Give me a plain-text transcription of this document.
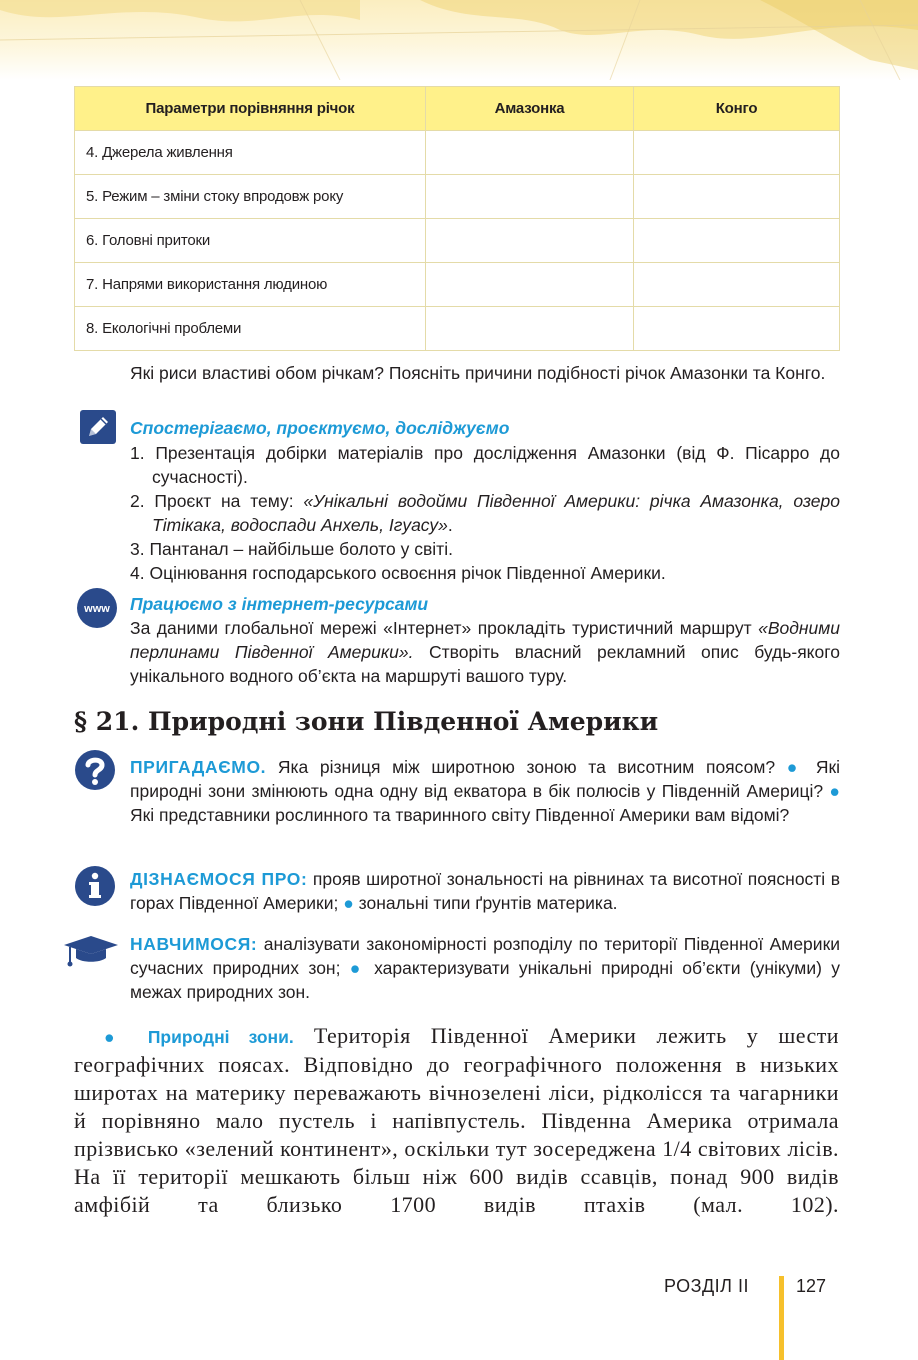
Параметри порівняння річок	Амазонка	Конго
4. Джерела живлення		
5. Режим – зміни стоку впродовж року		
6. Головні притоки		
7. Напрями використання людиною		
8. Екологічні проблеми		
Які риси властиві обом річкам? Поясніть причини подібності річок Амазонки та Конго.
Спостерігаємо, проєктуємо, досліджуємо
1. Презентація добірки матеріалів про дослідження Амазонки (від Ф. Пісарро до сучасності).
2. Проєкт на тему: «Унікальні водойми Південної Америки: річка Амазонка, озеро Тітікака, водоспади Анхель, Ігуасу».
3. Пантанал – найбільше болото у світі.
4. Оцінювання господарського освоєння річок Південної Америки.
www Працюємо з інтернет-ресурсами
За даними глобальної мережі «Інтернет» прокладіть туристичний маршрут «Водними перлинами Південної Америки». Створіть власний рекламний опис будь-якого унікального водного об’єкта на маршруті вашого туру.
§ 21. Природні зони Південної Америки
ПРИГАДАЄМО. Яка різниця між широтною зоною та висотним поясом? ● Які природні зони змінюють одна одну від екватора в бік полюсів у Південній Америці? ● Які представники рослинного та тваринного світу Південної Америки вам відомі?
ДІЗНАЄМОСЯ ПРО: прояв широтної зональності на рівнинах та висотної поясності в горах Південної Америки; ● зональні типи ґрунтів материка.
НАВЧИМОСЯ: аналізувати закономірності розподілу по території Південної Америки сучасних природних зон; ● характеризувати унікальні природні об’єкти (унікуми) у межах природних зон.
● Природні зони. Територія Південної Америки лежить у шести географічних поясах. Відповідно до географічного положення в низьких широтах на материку переважають вічнозелені ліси, рідколісся та чагарники й порівняно мало пустель і напівпустель. Південна Америка отримала прізвисько «зелений континент», оскільки тут зосереджена 1/4 світових лісів. На її території мешкають більш ніж 600 видів ссавців, понад 900 видів амфібій та близько 1700 видів птахів (мал. 102).
РОЗДІЛ II	127
